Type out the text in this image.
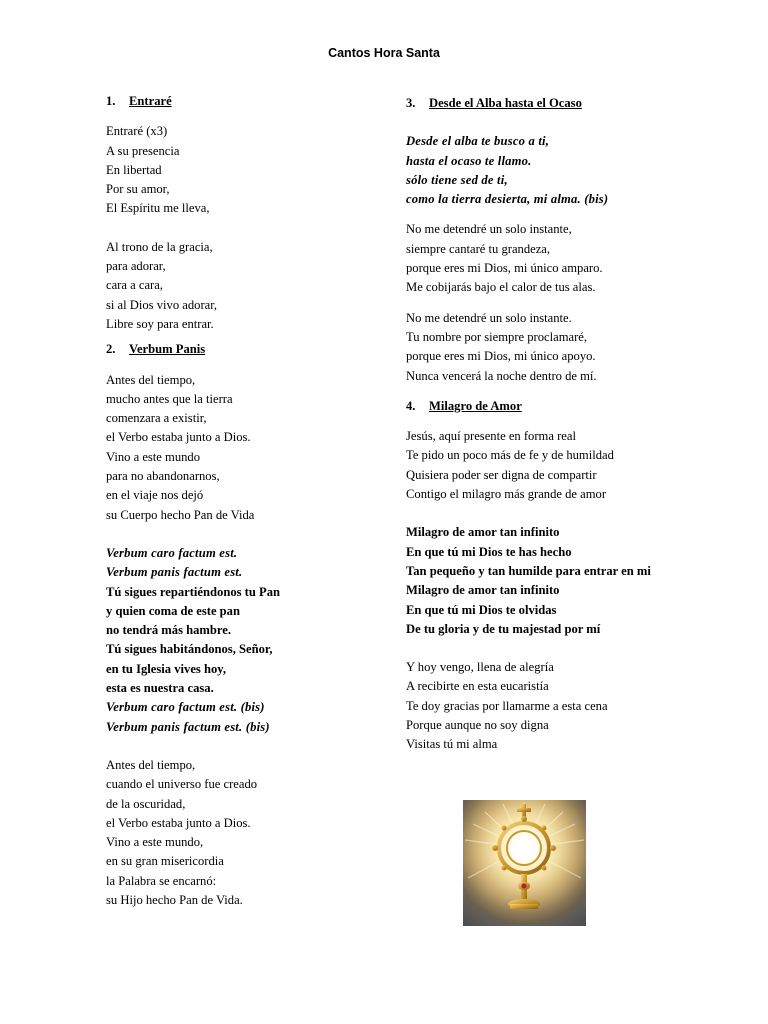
Cantos Hora Santa
1.	Entraré
Entraré (x3)
A su presencia
En libertad
Por su amor,
El Espíritu me lleva,
Al trono de la gracia,
para adorar,
cara a cara,
si al Dios vivo adorar,
Libre soy para entrar.
2.	Verbum Panis
Antes del tiempo,
mucho antes que la tierra
comenzara a existir,
el Verbo estaba junto a Dios.
Vino a este mundo
para no abandonarnos,
en el viaje nos dejó
su Cuerpo hecho Pan de Vida
Verbum caro factum est.
Verbum panis factum est.
Tú sigues repartiéndonos tu Pan
y quien coma de este pan
no tendrá más hambre.
Tú sigues habitándonos, Señor,
en tu Iglesia vives hoy,
esta es nuestra casa.
Verbum caro factum est. (bis)
Verbum panis factum est. (bis)
Antes del tiempo,
cuando el universo fue creado
de la oscuridad,
el Verbo estaba junto a Dios.
Vino a este mundo,
en su gran misericordia
la Palabra se encarnó:
su Hijo hecho Pan de Vida.
3.	Desde el Alba hasta el Ocaso
Desde el alba te busco a ti,
hasta el ocaso te llamo.
sólo tiene sed de ti,
como la tierra desierta, mi alma. (bis)
No me detendré un solo instante,
siempre cantaré tu grandeza,
porque eres mi Dios, mi único amparo.
Me cobijarás bajo el calor de tus alas.
No me detendré un solo instante.
Tu nombre por siempre proclamaré,
porque eres mi Dios, mi único apoyo.
Nunca vencerá la noche dentro de mí.
4.	Milagro de Amor
Jesús, aquí presente en forma real
Te pido un poco más de fe y de humildad
Quisiera poder ser digna de compartir
Contigo el milagro más grande de amor
Milagro de amor tan infinito
En que tú mi Dios te has hecho
Tan pequeño y tan humilde para entrar en mi
Milagro de amor tan infinito
En que tú mi Dios te olvidas
De tu gloria y de tu majestad por mí
Y hoy vengo, llena de alegría
A recibirte en esta eucaristía
Te doy gracias por llamarme a esta cena
Porque aunque no soy digna
Visitas tú mi alma
